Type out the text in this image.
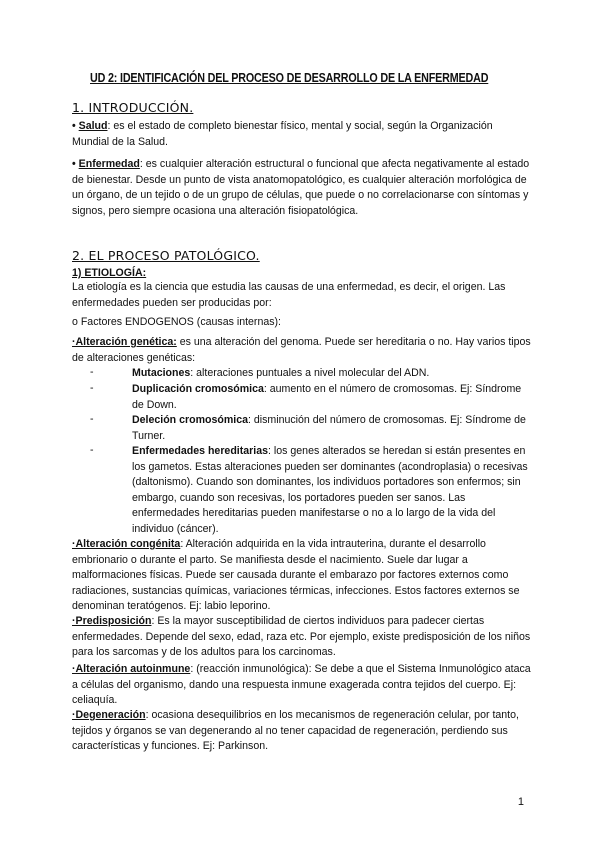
UD 2: IDENTIFICACIÓN DEL PROCESO DE DESARROLLO DE LA ENFERMEDAD
1. INTRODUCCIÓN.
• Salud: es el estado de completo bienestar físico, mental y social, según la Organización Mundial de la Salud.
• Enfermedad: es cualquier alteración estructural o funcional que afecta negativamente al estado de bienestar. Desde un punto de vista anatomopatológico, es cualquier alteración morfológica de un órgano, de un tejido o de un grupo de células, que puede o no correlacionarse con síntomas y signos, pero siempre ocasiona una alteración fisiopatológica.
2. EL PROCESO PATOLÓGICO.
1) ETIOLOGÍA:
La etiología es la ciencia que estudia las causas de una enfermedad, es decir, el origen. Las enfermedades pueden ser producidas por:
o Factores ENDOGENOS (causas internas):
·Alteración genética: es una alteración del genoma. Puede ser hereditaria o no. Hay varios tipos de alteraciones genéticas:
-	Mutaciones: alteraciones puntuales a nivel molecular del ADN.
-	Duplicación cromosómica: aumento en el número de cromosomas. Ej: Síndrome de Down.
-	Deleción cromosómica: disminución del número de cromosomas. Ej: Síndrome de Turner.
-	Enfermedades hereditarias: los genes alterados se heredan si están presentes en los gametos. Estas alteraciones pueden ser dominantes (acondroplasia) o recesivas (daltonismo). Cuando son dominantes, los individuos portadores son enfermos; sin embargo, cuando son recesivas, los portadores pueden ser sanos. Las enfermedades hereditarias pueden manifestarse o no a lo largo de la vida del individuo (cáncer).
·Alteración congénita: Alteración adquirida en la vida intrauterina, durante el desarrollo embrionario o durante el parto. Se manifiesta desde el nacimiento. Suele dar lugar a malformaciones físicas. Puede ser causada durante el embarazo por factores externos como radiaciones, sustancias químicas, variaciones térmicas, infecciones. Estos factores externos se denominan teratógenos. Ej: labio leporino.
·Predisposición: Es la mayor susceptibilidad de ciertos individuos para padecer ciertas enfermedades. Depende del sexo, edad, raza etc. Por ejemplo, existe predisposición de los niños para los sarcomas y de los adultos para los carcinomas.
·Alteración autoinmune: (reacción inmunológica): Se debe a que el Sistema Inmunológico ataca a células del organismo, dando una respuesta inmune exagerada contra tejidos del cuerpo. Ej: celiaquía.
·Degeneración: ocasiona desequilibrios en los mecanismos de regeneración celular, por tanto, tejidos y órganos se van degenerando al no tener capacidad de regeneración, perdiendo sus características y funciones. Ej: Parkinson.
1
